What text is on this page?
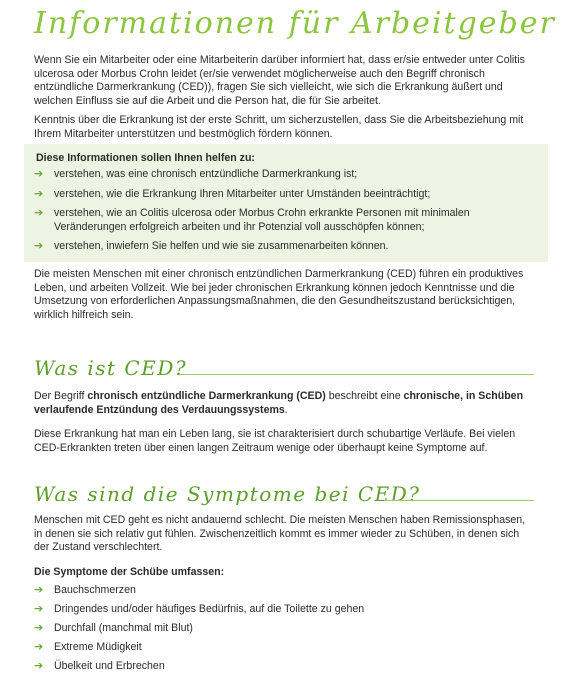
Informationen für Arbeitgeber

Wenn Sie ein Mitarbeiter oder eine Mitarbeiterin darüber informiert hat, dass er/sie entweder unter Colitis ulcerosa oder Morbus Crohn leidet (er/sie verwendet möglicherweise auch den Begriff chronisch entzündliche Darmerkrankung (CED)), fragen Sie sich vielleicht, wie sich die Erkrankung äußert und welchen Einfluss sie auf die Arbeit und die Person hat, die für Sie arbeitet.

Kenntnis über die Erkrankung ist der erste Schritt, um sicherzustellen, dass Sie die Arbeitsbeziehung mit Ihrem Mitarbeiter unterstützen und bestmöglich fördern können.

Diese Informationen sollen Ihnen helfen zu:

➔ verstehen, was eine chronisch entzündliche Darmerkrankung ist;
➔ verstehen, wie die Erkrankung Ihren Mitarbeiter unter Umständen beeinträchtigt;
➔ verstehen, wie an Colitis ulcerosa oder Morbus Crohn erkrankte Personen mit minimalen Veränderungen erfolgreich arbeiten und ihr Potenzial voll ausschöpfen können;
➔ verstehen, inwiefern Sie helfen und wie sie zusammenarbeiten können.

Die meisten Menschen mit einer chronisch entzündlichen Darmerkrankung (CED) führen ein produktives Leben, und arbeiten Vollzeit. Wie bei jeder chronischen Erkrankung können jedoch Kenntnisse und die Umsetzung von erforderlichen Anpassungsmaßnahmen, die den Gesundheitszustand berücksichtigen, wirklich hilfreich sein.

Was ist CED?

Der Begriff chronisch entzündliche Darmerkrankung (CED) beschreibt eine chronische, in Schüben verlaufende Entzündung des Verdauungssystems.

Diese Erkrankung hat man ein Leben lang, sie ist charakterisiert durch schubartige Verläufe. Bei vielen CED-Erkrankten treten über einen langen Zeitraum wenige oder überhaupt keine Symptome auf.

Was sind die Symptome bei CED?

Menschen mit CED geht es nicht andauernd schlecht. Die meisten Menschen haben Remissionsphasen, in denen sie sich relativ gut fühlen. Zwischenzeitlich kommt es immer wieder zu Schüben, in denen sich der Zustand verschlechtert.

Die Symptome der Schübe umfassen:

➔ Bauchschmerzen
➔ Dringendes und/oder häufiges Bedürfnis, auf die Toilette zu gehen
➔ Durchfall (manchmal mit Blut)
➔ Extreme Müdigkeit
➔ Übelkeit und Erbrechen
